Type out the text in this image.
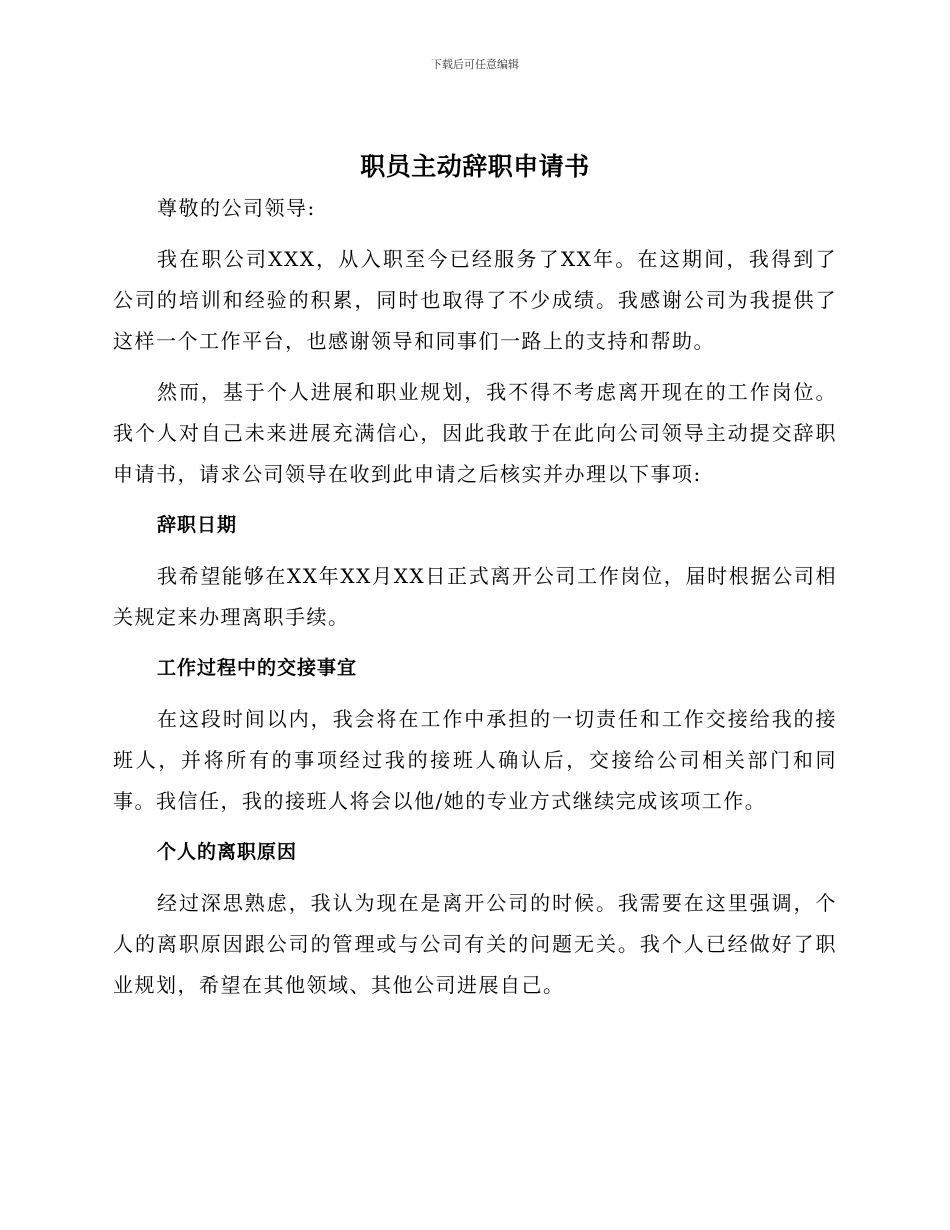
下载后可任意编辑
职员主动辞职申请书

尊敬的公司领导:

我在职公司XXX，从入职至今已经服务了XX年。在这期间，我得到了公司的培训和经验的积累，同时也取得了不少成绩。我感谢公司为我提供了这样一个工作平台，也感谢领导和同事们一路上的支持和帮助。

然而，基于个人进展和职业规划，我不得不考虑离开现在的工作岗位。我个人对自己未来进展充满信心，因此我敢于在此向公司领导主动提交辞职申请书，请求公司领导在收到此申请之后核实并办理以下事项:

辞职日期

我希望能够在XX年XX月XX日正式离开公司工作岗位，届时根据公司相关规定来办理离职手续。

工作过程中的交接事宜

在这段时间以内，我会将在工作中承担的一切责任和工作交接给我的接班人，并将所有的事项经过我的接班人确认后，交接给公司相关部门和同事。我信任，我的接班人将会以他/她的专业方式继续完成该项工作。

个人的离职原因

经过深思熟虑，我认为现在是离开公司的时候。我需要在这里强调，个人的离职原因跟公司的管理或与公司有关的问题无关。我个人已经做好了职业规划，希望在其他领域、其他公司进展自己。
